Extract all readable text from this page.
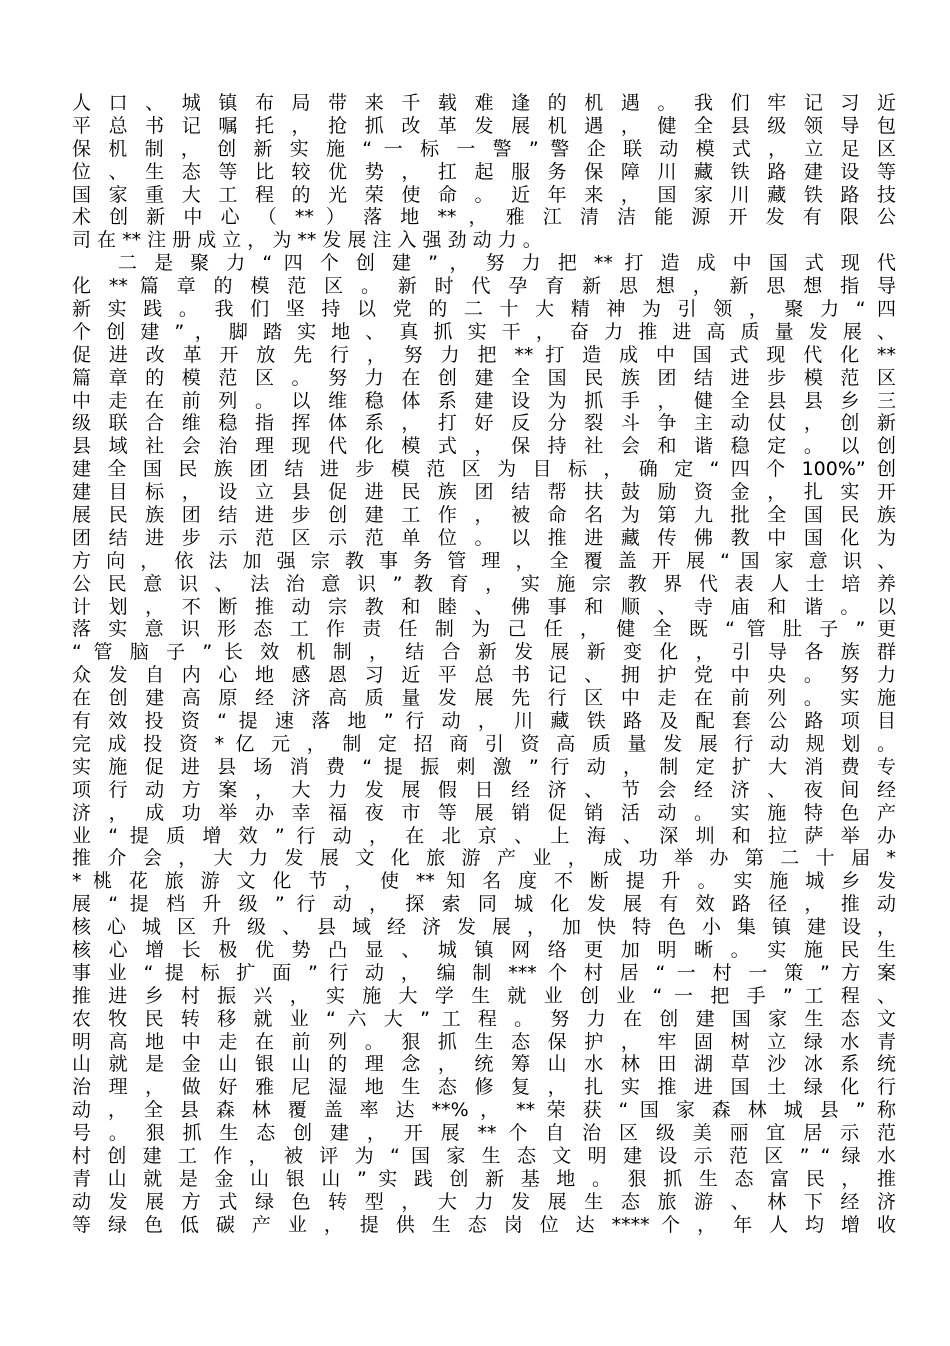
人 口 、 城 镇 布 局 带 来 千 载 难 逢 的 机 遇 。 我 们 牢 记 习 近
平 总 书 记 嘱 托 ， 抢 抓 改 革 发 展 机 遇 ， 健 全 县 级 领 导 包
保 机 制 ， 创 新 实 施 “ 一 标 一 警 ” 警 企 联 动 模 式 ， 立 足 区
位 、 生 态 等 比 较 优 势 ， 扛 起 服 务 保 障 川 藏 铁 路 建 设 等
国 家 重 大 工 程 的 光 荣 使 命 。 近 年 来 ， 国 家 川 藏 铁 路 技
术 创 新 中 心 （ ** ） 落 地 ** ， 雅 江 清 洁 能 源 开 发 有 限 公
司 在 ** 注 册 成 立 ， 为 ** 发 展 注 入 强 劲 动 力 。
二 是 聚 力 “ 四 个 创 建 ” ， 努 力 把 ** 打 造 成 中 国 式 现 代
化 ** 篇 章 的 模 范 区 。 新 时 代 孕 育 新 思 想 ， 新 思 想 指 导
新 实 践 。 我 们 坚 持 以 党 的 二 十 大 精 神 为 引 领 ， 聚 力 “ 四
个 创 建 ” ， 脚 踏 实 地 、 真 抓 实 干 ， 奋 力 推 进 高 质 量 发 展 、
促 进 改 革 开 放 先 行 ， 努 力 把 ** 打 造 成 中 国 式 现 代 化 **
篇 章 的 模 范 区 。 努 力 在 创 建 全 国 民 族 团 结 进 步 模 范 区
中 走 在 前 列 。 以 维 稳 体 系 建 设 为 抓 手 ， 健 全 县 县 乡 三
级 联 合 维 稳 指 挥 体 系 ， 打 好 反 分 裂 斗 争 主 动 仗 ， 创 新
县 域 社 会 治 理 现 代 化 模 式 ， 保 持 社 会 和 谐 稳 定 。 以 创
建 全 国 民 族 团 结 进 步 模 范 区 为 目 标 ， 确 定 “ 四 个 100%” 创
建 目 标 ， 设 立 县 促 进 民 族 团 结 帮 扶 鼓 励 资 金 ， 扎 实 开
展 民 族 团 结 进 步 创 建 工 作 ， 被 命 名 为 第 九 批 全 国 民 族
团 结 进 步 示 范 区 示 范 单 位 。 以 推 进 藏 传 佛 教 中 国 化 为
方 向 ， 依 法 加 强 宗 教 事 务 管 理 ， 全 覆 盖 开 展 “ 国 家 意 识 、
公 民 意 识 、 法 治 意 识 ” 教 育 ， 实 施 宗 教 界 代 表 人 士 培 养
计 划 ， 不 断 推 动 宗 教 和 睦 、 佛 事 和 顺 、 寺 庙 和 谐 。 以
落 实 意 识 形 态 工 作 责 任 制 为 己 任 ， 健 全 既 “ 管 肚 子 ” 更
“ 管 脑 子 ” 长 效 机 制 ， 结 合 新 发 展 新 变 化 ， 引 导 各 族 群
众 发 自 内 心 地 感 恩 习 近 平 总 书 记 、 拥 护 党 中 央 。 努 力
在 创 建 高 原 经 济 高 质 量 发 展 先 行 区 中 走 在 前 列 。 实 施
有 效 投 资 “ 提 速 落 地 ” 行 动 ， 川 藏 铁 路 及 配 套 公 路 项 目
完 成 投 资 * 亿 元 ， 制 定 招 商 引 资 高 质 量 发 展 行 动 规 划 。
实 施 促 进 县 场 消 费 “ 提 振 刺 激 ” 行 动 ， 制 定 扩 大 消 费 专
项 行 动 方 案 ， 大 力 发 展 假 日 经 济 、 节 会 经 济 、 夜 间 经
济 ， 成 功 举 办 幸 福 夜 市 等 展 销 促 销 活 动 。 实 施 特 色 产
业 “ 提 质 增 效 ” 行 动 ， 在 北 京 、 上 海 、 深 圳 和 拉 萨 举 办
推 介 会 ， 大 力 发 展 文 化 旅 游 产 业 ， 成 功 举 办 第 二 十 届 *
* 桃 花 旅 游 文 化 节 ， 使 ** 知 名 度 不 断 提 升 。 实 施 城 乡 发
展 “ 提 档 升 级 ” 行 动 ， 探 索 同 城 化 发 展 有 效 路 径 ， 推 动
核 心 城 区 升 级 、 县 域 经 济 发 展 ， 加 快 特 色 小 集 镇 建 设 ，
核 心 增 长 极 优 势 凸 显 、 城 镇 网 络 更 加 明 晰 。 实 施 民 生
事 业 “ 提 标 扩 面 ” 行 动 ， 编 制 *** 个 村 居 “ 一 村 一 策 ” 方 案
推 进 乡 村 振 兴 ， 实 施 大 学 生 就 业 创 业 “ 一 把 手 ” 工 程 、
农 牧 民 转 移 就 业 “ 六 大 ” 工 程 。 努 力 在 创 建 国 家 生 态 文
明 高 地 中 走 在 前 列 。 狠 抓 生 态 保 护 ， 牢 固 树 立 绿 水 青
山 就 是 金 山 银 山 的 理 念 ， 统 筹 山 水 林 田 湖 草 沙 冰 系 统
治 理 ， 做 好 雅 尼 湿 地 生 态 修 复 ， 扎 实 推 进 国 土 绿 化 行
动 ， 全 县 森 林 覆 盖 率 达 **% ， ** 荣 获 “ 国 家 森 林 城 县 ” 称
号 。 狠 抓 生 态 创 建 ， 开 展 ** 个 自 治 区 级 美 丽 宜 居 示 范
村 创 建 工 作 ， 被 评 为 “ 国 家 生 态 文 明 建 设 示 范 区 ” “ 绿 水
青 山 就 是 金 山 银 山 ” 实 践 创 新 基 地 。 狠 抓 生 态 富 民 ， 推
动 发 展 方 式 绿 色 转 型 ， 大 力 发 展 生 态 旅 游 、 林 下 经 济
等 绿 色 低 碳 产 业 ， 提 供 生 态 岗 位 达 **** 个 ， 年 人 均 增 收
